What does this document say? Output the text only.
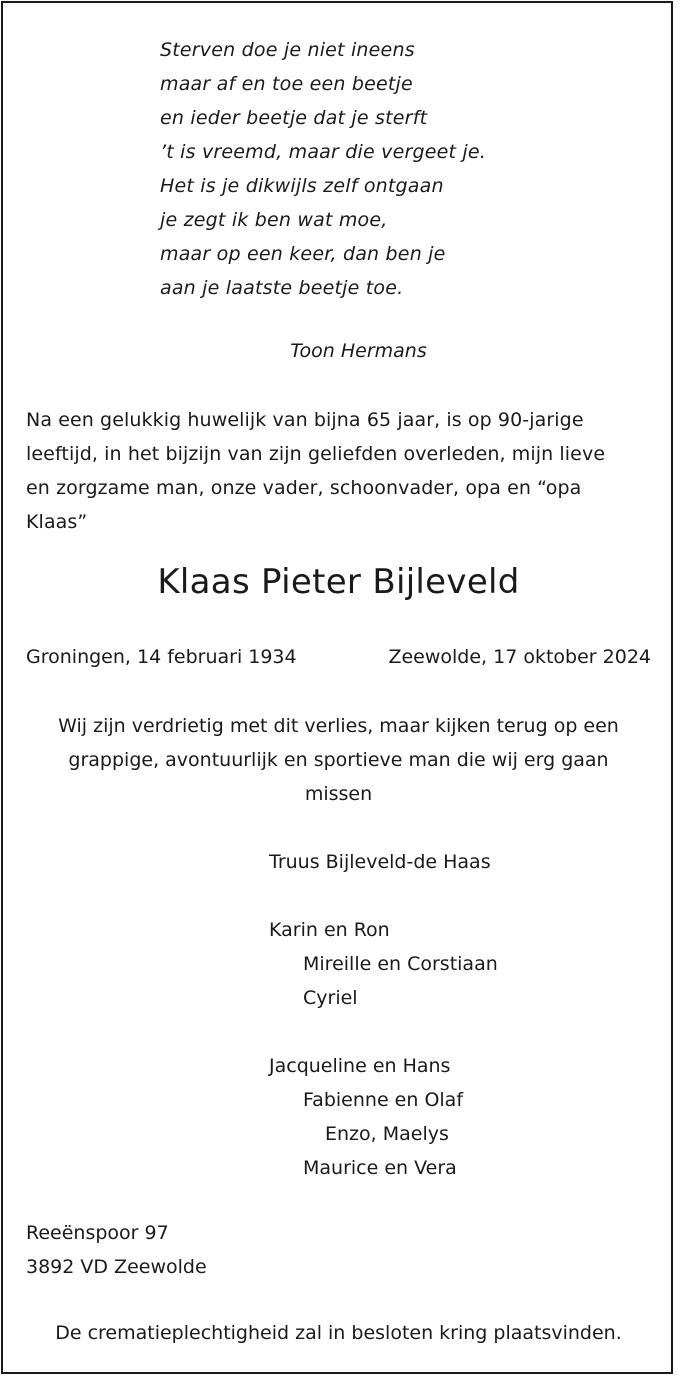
Sterven doe je niet ineens
maar af en toe een beetje
en ieder beetje dat je sterft
’t is vreemd, maar die vergeet je.
Het is je dikwijls zelf ontgaan
je zegt ik ben wat moe,
maar op een keer, dan ben je
aan je laatste beetje toe.
Toon Hermans
Na een gelukkig huwelijk van bijna 65 jaar, is op 90-jarige
leeftijd, in het bijzijn van zijn geliefden overleden, mijn lieve
en zorgzame man, onze vader, schoonvader, opa en “opa
Klaas”
Klaas Pieter Bijleveld
Groningen, 14 februari 1934	Zeewolde, 17 oktober 2024
Wij zijn verdrietig met dit verlies, maar kijken terug op een
grappige, avontuurlijk en sportieve man die wij erg gaan
missen
Truus Bijleveld-de Haas
Karin en Ron
Mireille en Corstiaan
Cyriel
Jacqueline en Hans
Fabienne en Olaf
Enzo, Maelys
Maurice en Vera
Reeënspoor 97
3892 VD Zeewolde
De crematieplechtigheid zal in besloten kring plaatsvinden.
